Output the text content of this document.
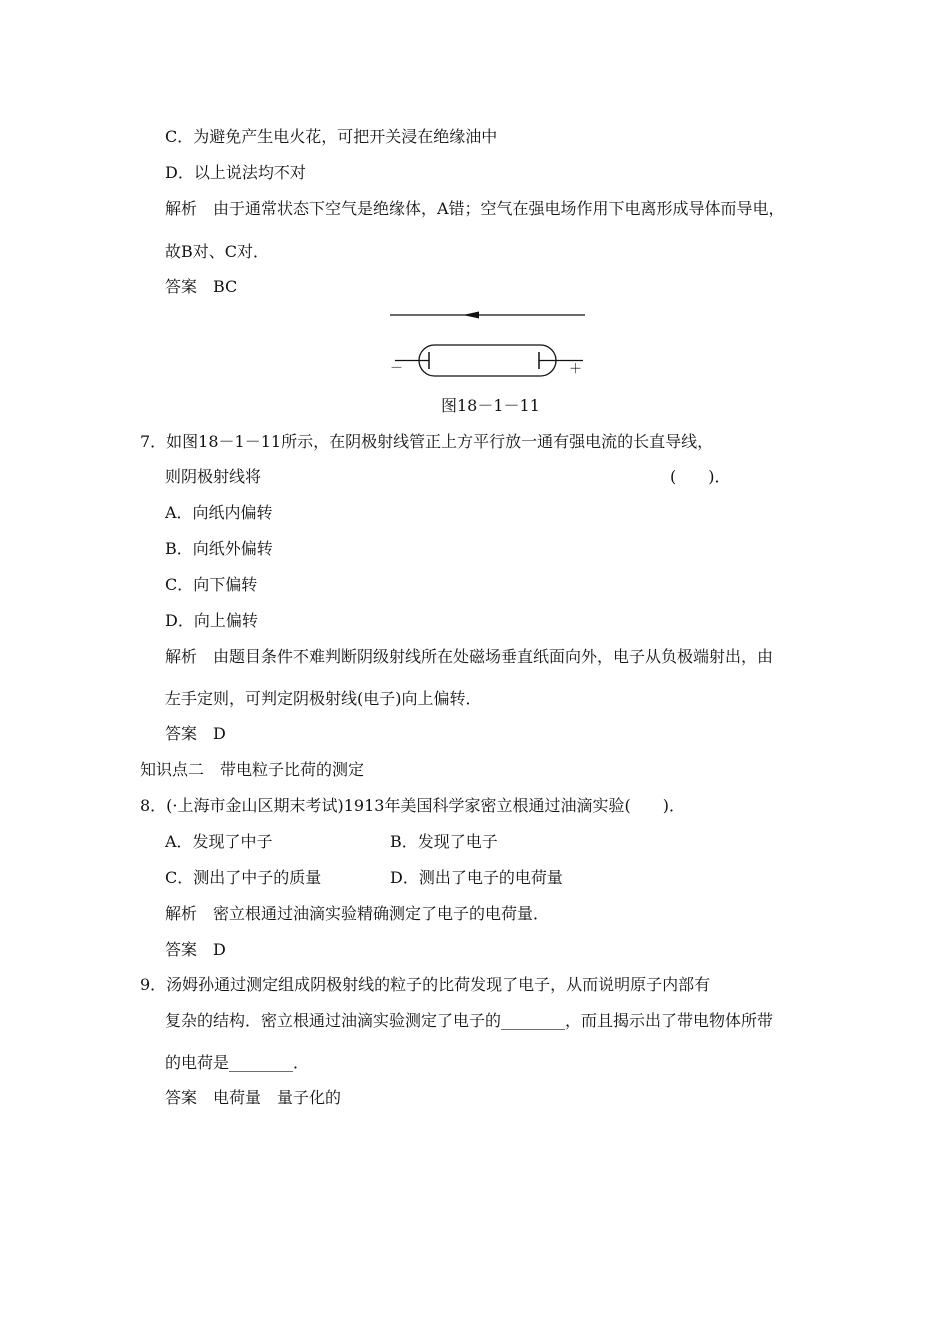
C．为避免产生电火花，可把开关浸在绝缘油中
D．以上说法均不对
解析　由于通常状态下空气是绝缘体，A错；空气在强电场作用下电离形成导体而导电，
故B对、C对．
答案　BC
－	＋
图18－1－11
7．如图18－1－11所示，在阴极射线管正上方平行放一通有强电流的长直导线，
则阴极射线将	(　　)．
A．向纸内偏转
B．向纸外偏转
C．向下偏转
D．向上偏转
解析　由题目条件不难判断阴级射线所在处磁场垂直纸面向外，电子从负极端射出，由
左手定则，可判定阴极射线(电子)向上偏转．
答案　D
知识点二　带电粒子比荷的测定
8．(·上海市金山区期末考试)1913年美国科学家密立根通过油滴实验(　　)．
A．发现了中子	B．发现了电子
C．测出了中子的质量	D．测出了电子的电荷量
解析　密立根通过油滴实验精确测定了电子的电荷量．
答案　D
9．汤姆孙通过测定组成阴极射线的粒子的比荷发现了电子，从而说明原子内部有
复杂的结构．密立根通过油滴实验测定了电子的________，而且揭示出了带电物体所带
的电荷是________．
答案　电荷量　量子化的
